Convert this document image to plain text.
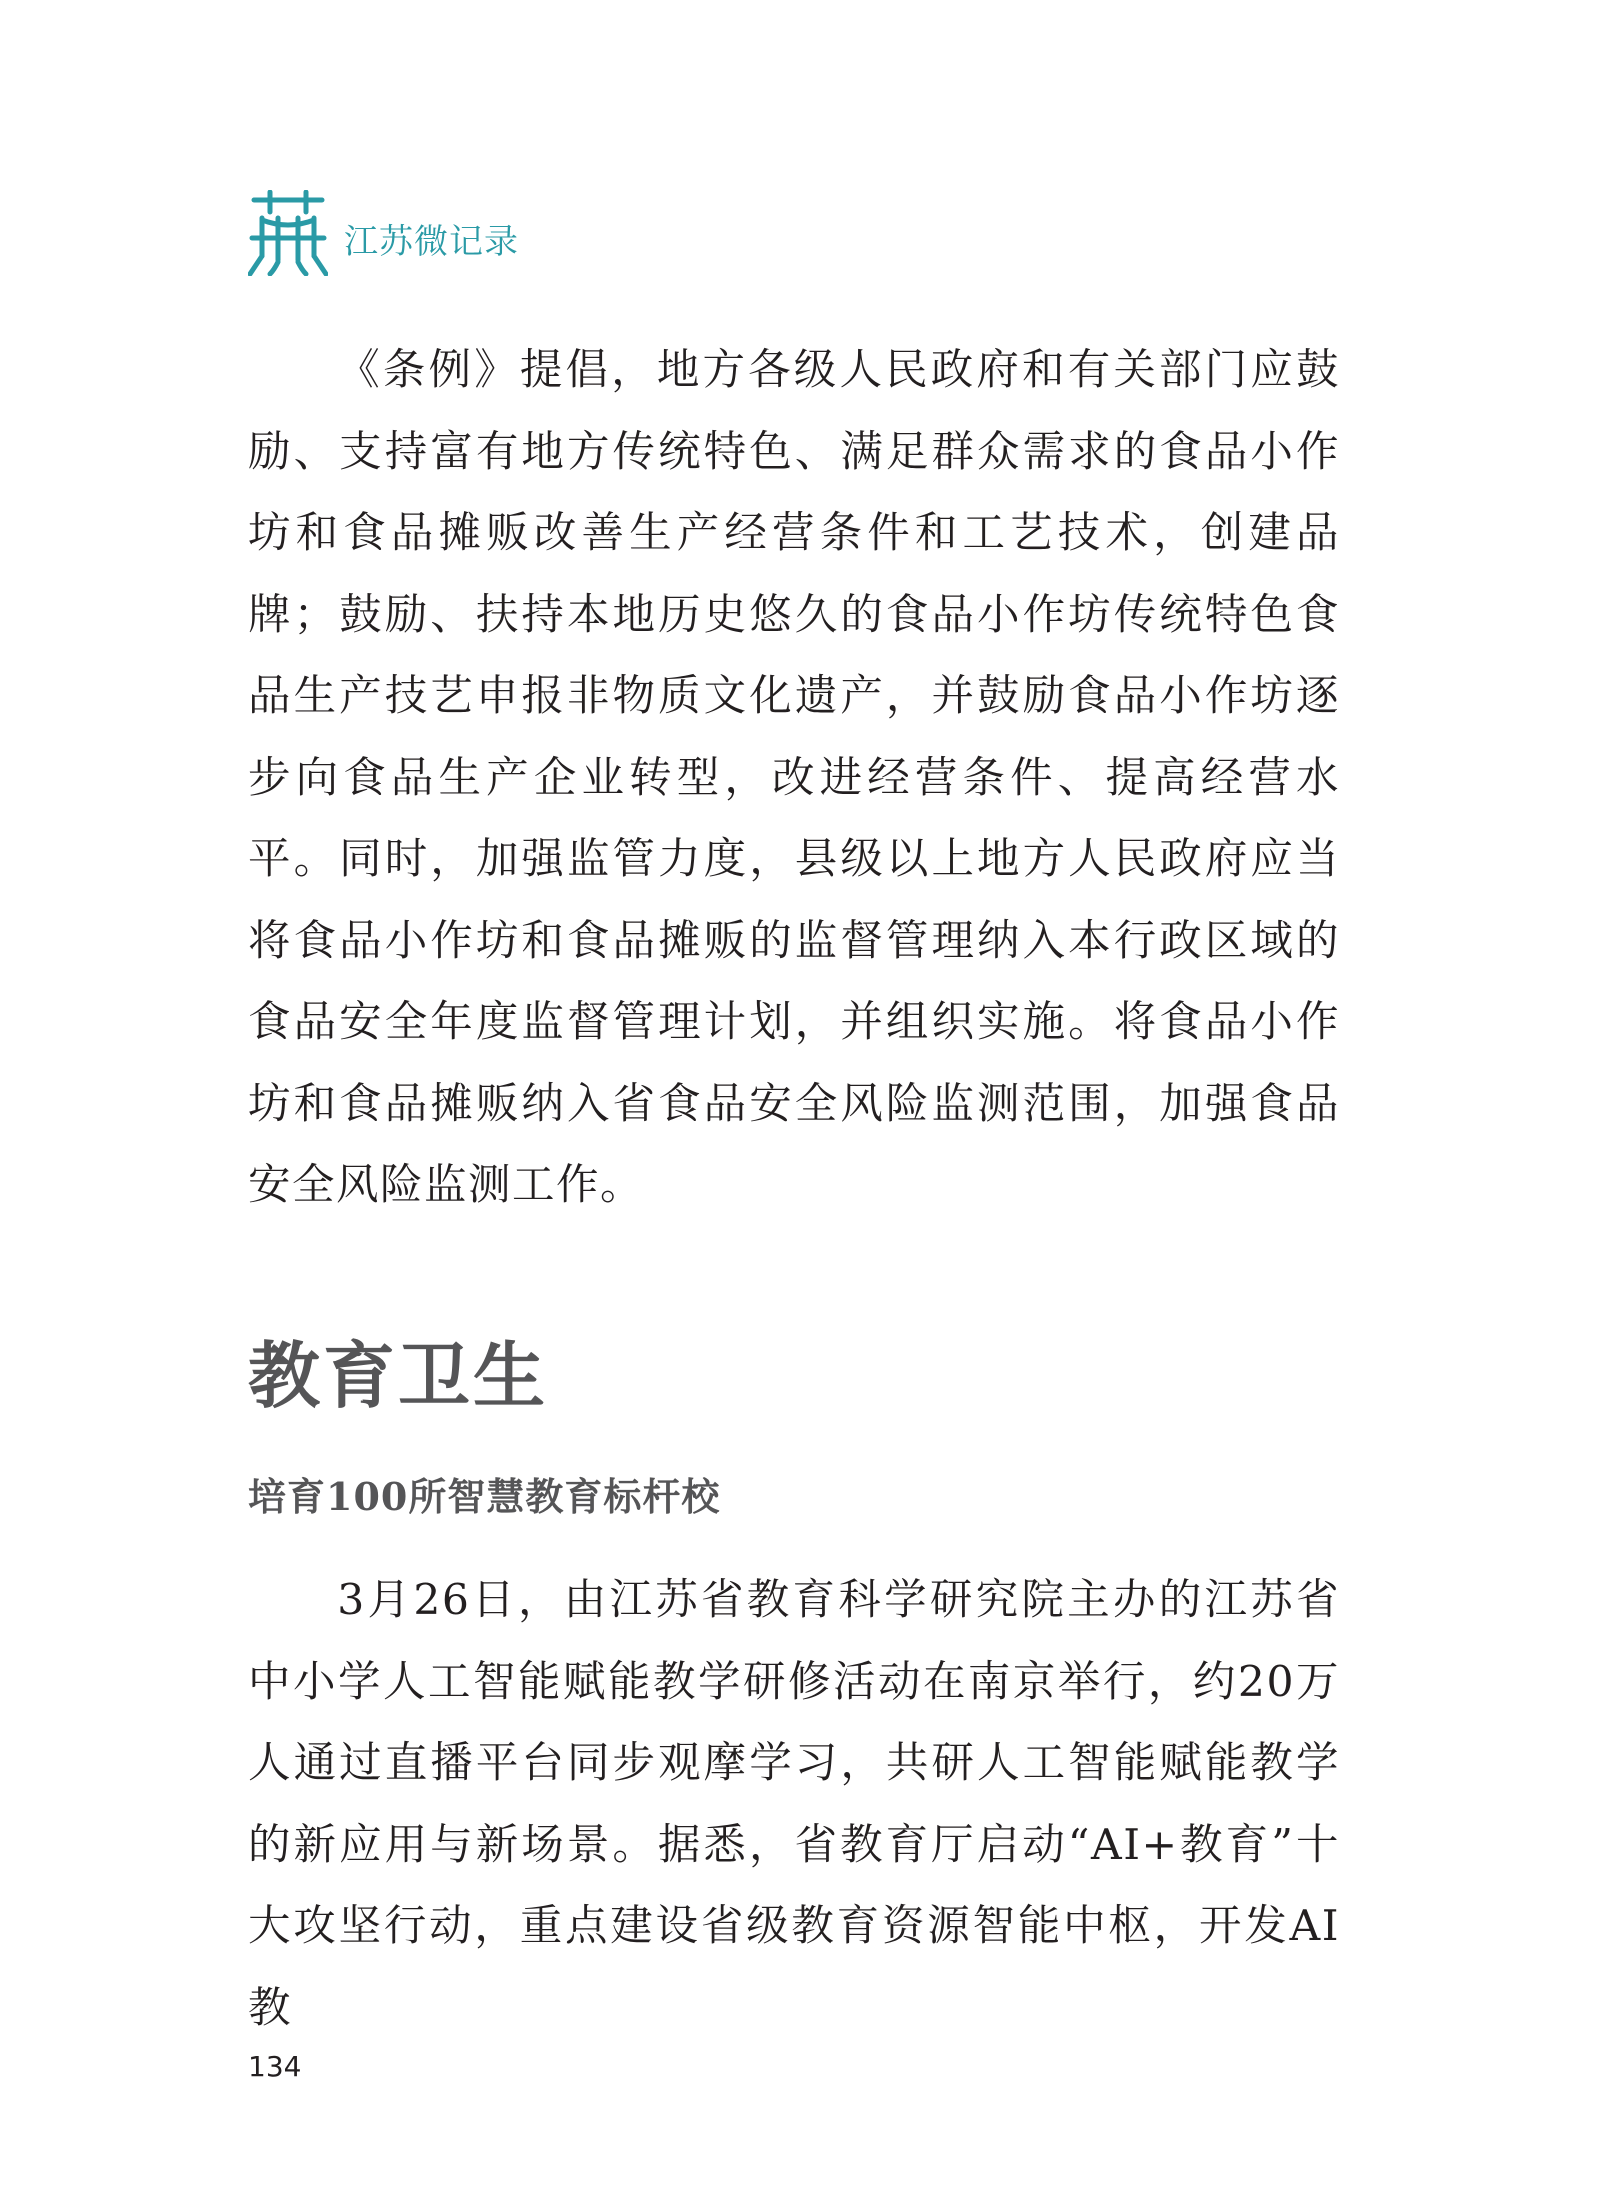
江苏微记录

《条例》提倡，地方各级人民政府和有关部门应鼓励、支持富有地方传统特色、满足群众需求的食品小作坊和食品摊贩改善生产经营条件和工艺技术，创建品牌；鼓励、扶持本地历史悠久的食品小作坊传统特色食品生产技艺申报非物质文化遗产，并鼓励食品小作坊逐步向食品生产企业转型，改进经营条件、提高经营水平。同时，加强监管力度，县级以上地方人民政府应当将食品小作坊和食品摊贩的监督管理纳入本行政区域的食品安全年度监督管理计划，并组织实施。将食品小作坊和食品摊贩纳入省食品安全风险监测范围，加强食品安全风险监测工作。

教育卫生
培育100所智慧教育标杆校

3月26日，由江苏省教育科学研究院主办的江苏省中小学人工智能赋能教学研修活动在南京举行，约20万人通过直播平台同步观摩学习，共研人工智能赋能教学的新应用与新场景。据悉，省教育厅启动“AI+教育”十大攻坚行动，重点建设省级教育资源智能中枢，开发AI教

134
